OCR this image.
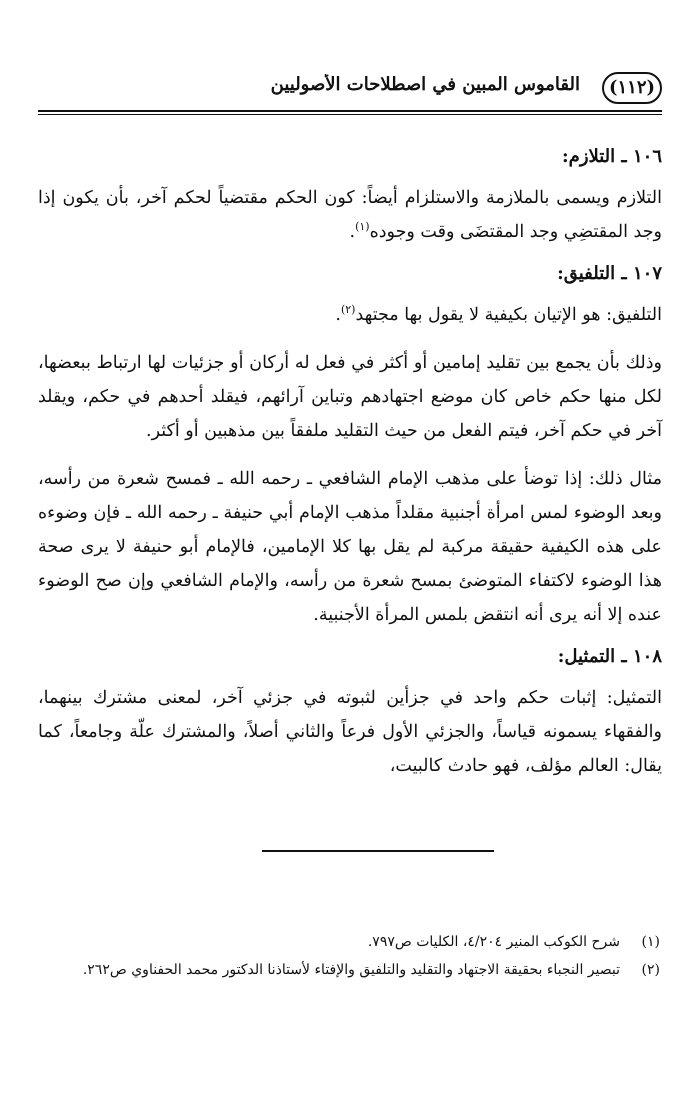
(١١٢)
القاموس المبين في اصطلاحات الأصوليين
١٠٦ ـ التلازم:

التلازم ويسمى بالملازمة والاستلزام أيضاً: كون الحكم مقتضياً لحكم آخر، بأن يكون إذا وجد المقتضِي وجد المقتضَى وقت وجوده$^{(١)}$.

١٠٧ ـ التلفيق:

التلفيق: هو الإتيان بكيفية لا يقول بها مجتهد$^{(٢)}$.

وذلك بأن يجمع بين تقليد إمامين أو أكثر في فعل له أركان أو جزئيات لها ارتباط ببعضها، لكل منها حكم خاص كان موضع اجتهادهم وتباين آرائهم، فيقلد أحدهم في حكم، ويقلد آخر في حكم آخر، فيتم الفعل من حيث التقليد ملفقاً بين مذهبين أو أكثر.

مثال ذلك: إذا توضأ على مذهب الإمام الشافعي ـ رحمه الله ـ فمسح شعرة من رأسه، وبعد الوضوء لمس امرأة أجنبية مقلداً مذهب الإمام أبي حنيفة ـ رحمه الله ـ فإن وضوءه على هذه الكيفية حقيقة مركبة لم يقل بها كلا الإمامين، فالإمام أبو حنيفة لا يرى صحة هذا الوضوء لاكتفاء المتوضئ بمسح شعرة من رأسه، والإمام الشافعي وإن صح الوضوء عنده إلا أنه يرى أنه انتقض بلمس المرأة الأجنبية.

١٠٨ ـ التمثيل:

التمثيل: إثبات حكم واحد في جزأين لثبوته في جزئي آخر، لمعنى مشترك بينهما، والفقهاء يسمونه قياساً، والجزئي الأول فرعاً والثاني أصلاً، والمشترك علّة وجامعاً، كما يقال: العالم مؤلف، فهو حادث كالبيت،

(١)
شرح الكوكب المنير ٤/٢٠٤، الكليات ص٧٩٧.
(٢)
تبصير النجباء بحقيقة الاجتهاد والتقليد والتلفيق والإفتاء لأستاذنا الدكتور محمد الحفناوي ص٢٦٢.
